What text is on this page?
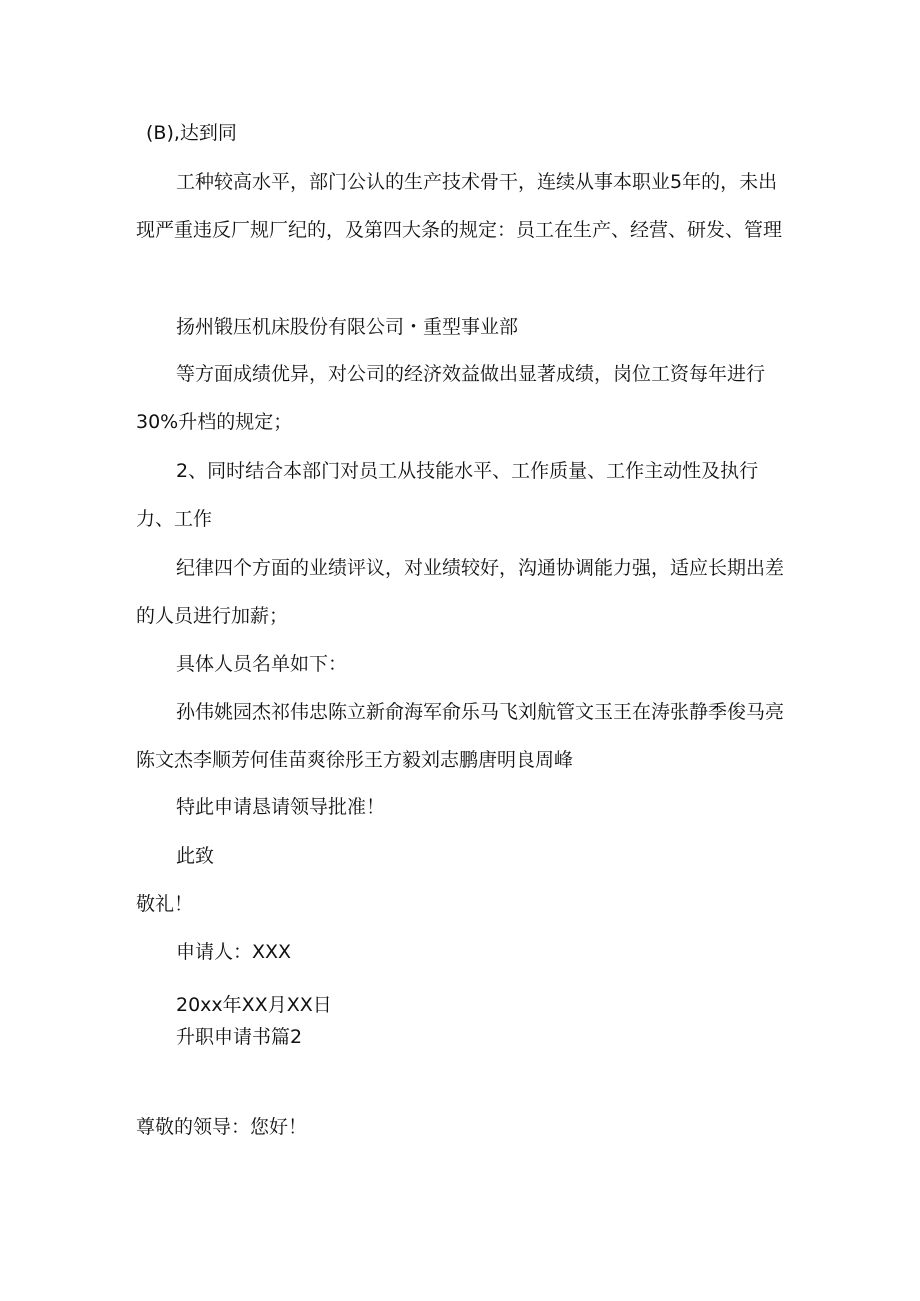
(B),达到同
工种较高水平，部门公认的生产技术骨干，连续从事本职业5年的，未出现严重违反厂规厂纪的，及第四大条的规定：员工在生产、经营、研发、管理
扬州锻压机床股份有限公司・重型事业部
等方面成绩优异，对公司的经济效益做出显著成绩，岗位工资每年进行30%升档的规定；
2、同时结合本部门对员工从技能水平、工作质量、工作主动性及执行力、工作
纪律四个方面的业绩评议，对业绩较好，沟通协调能力强，适应长期出差的人员进行加薪；
具体人员名单如下：
孙伟姚园杰祁伟忠陈立新俞海军俞乐马飞刘航管文玉王在涛张静季俊马亮陈文杰李顺芳何佳苗爽徐彤王方毅刘志鹏唐明良周峰
特此申请恳请领导批准！
此致
敬礼！
申请人：XXX
20xx年XX月XX日
升职申请书篇2
尊敬的领导：您好！
